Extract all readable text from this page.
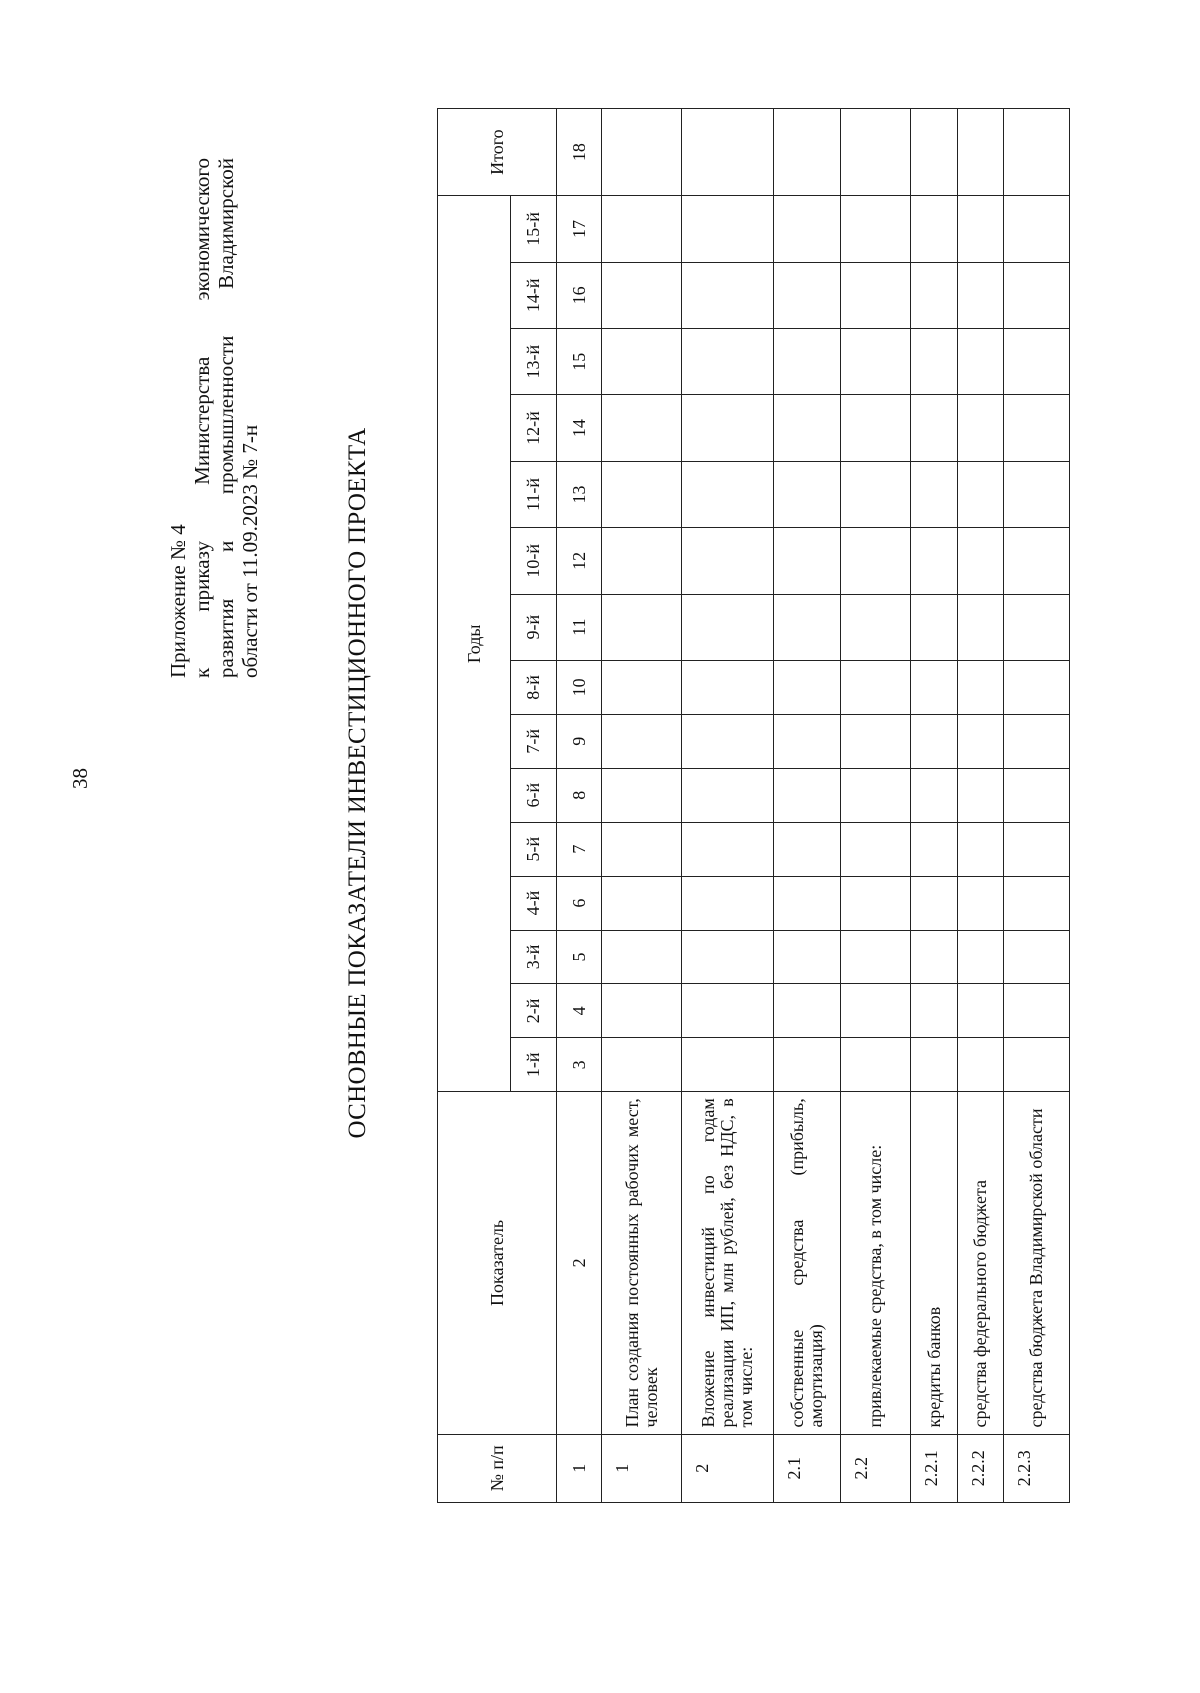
38
Приложение № 4 к
приказу
Министерства
экономического
развития
и
промышленности
Владимирской
области от 11.09.2023 № 7-н	ОСНОВНЫЕ ПОКАЗАТЕЛИ ИНВЕСТИЦИОННОГО ПРОЕКТА
№ п/п	Показатель	Годы															Итого
		1-й	2-й	3-й	4-й	5-й	6-й	7-й	8-й	9-й	10-й	11-й	12-й	13-й	14-й	15-й	
1	2	3	4	5	6	7	8	9	10	11	12	13	14	15	16	17	18
1	План создания постоянных рабочих мест, человек																
2	Вложение инвестиций по годам реализации ИП, млн рублей, без НДС, в том числе:																
2.1	собственные средства (прибыль, амортизация)																
2.2	привлекаемые средства, в том числе:																
2.2.1	кредиты банков																
2.2.2	средства федерального бюджета																
2.2.3	средства бюджета Владимирской области																
